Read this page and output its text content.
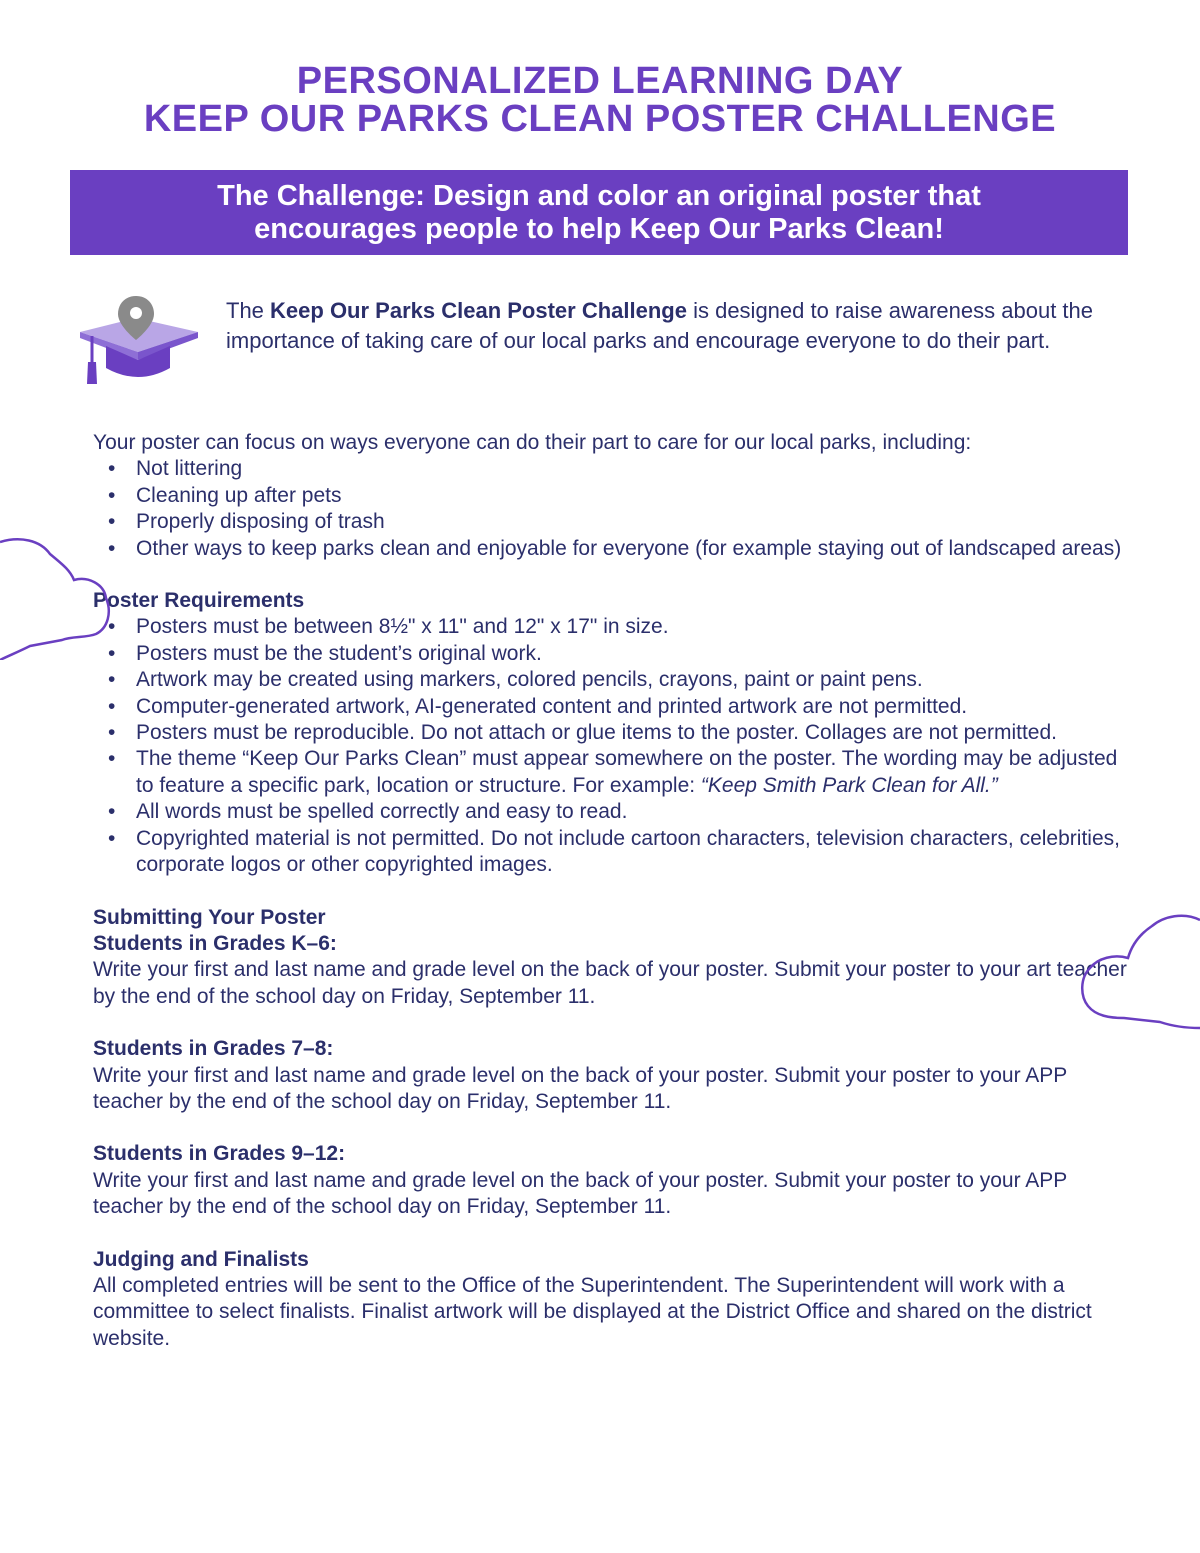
PERSONALIZED LEARNING DAY
KEEP OUR PARKS CLEAN POSTER CHALLENGE
The Challenge: Design and color an original poster that
encourages people to help Keep Our Parks Clean!
The Keep Our Parks Clean Poster Challenge is designed to raise awareness about the importance of taking care of our local parks and encourage everyone to do their part.

Your poster can focus on ways everyone can do their part to care for our local parks, including:

• Not littering
• Cleaning up after pets
• Properly disposing of trash
• Other ways to keep parks clean and enjoyable for everyone (for example staying out of landscaped areas)

Poster Requirements

• Posters must be between 8½" x 11" and 12" x 17" in size.
• Posters must be the student’s original work.
• Artwork may be created using markers, colored pencils, crayons, paint or paint pens.
• Computer-generated artwork, AI-generated content and printed artwork are not permitted.
• Posters must be reproducible. Do not attach or glue items to the poster. Collages are not permitted.
• The theme “Keep Our Parks Clean” must appear somewhere on the poster. The wording may be adjusted to feature a specific park, location or structure. For example: “Keep Smith Park Clean for All.”
• All words must be spelled correctly and easy to read.
• Copyrighted material is not permitted. Do not include cartoon characters, television characters, celebrities, corporate logos or other copyrighted images.

Submitting Your Poster

Students in Grades K–6:

Write your first and last name and grade level on the back of your poster. Submit your poster to your art teacher by the end of the school day on Friday, September 11.

Students in Grades 7–8:

Write your first and last name and grade level on the back of your poster. Submit your poster to your APP teacher by the end of the school day on Friday, September 11.

Students in Grades 9–12:

Write your first and last name and grade level on the back of your poster. Submit your poster to your APP teacher by the end of the school day on Friday, September 11.

Judging and Finalists

All completed entries will be sent to the Office of the Superintendent. The Superintendent will work with a committee to select finalists. Finalist artwork will be displayed at the District Office and shared on the district website.
